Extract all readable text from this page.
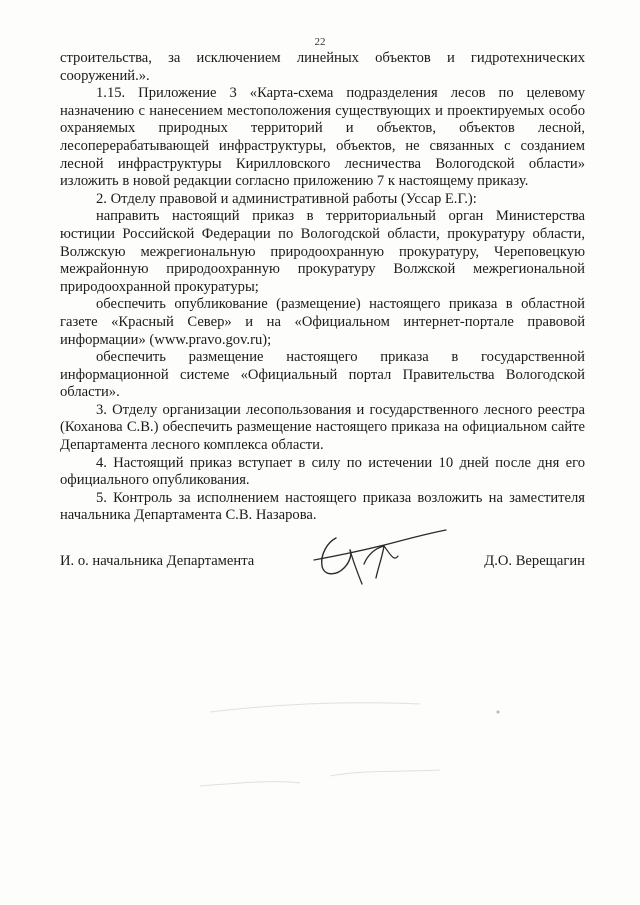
22

строительства, за исключением линейных объектов и гидротехнических сооружений.».

1.15. Приложение 3 «Карта-схема подразделения лесов по целевому назначению с нанесением местоположения существующих и проектируемых особо охраняемых природных территорий и объектов, объектов лесной, лесоперерабатывающей инфраструктуры, объектов, не связанных с созданием лесной инфраструктуры Кирилловского лесничества Вологодской области» изложить в новой редакции согласно приложению 7 к настоящему приказу.

2. Отделу правовой и административной работы (Уссар Е.Г.):

направить настоящий приказ в территориальный орган Министерства юстиции Российской Федерации по Вологодской области, прокуратуру области, Волжскую межрегиональную природоохранную прокуратуру, Череповецкую межрайонную природоохранную прокуратуру Волжской межрегиональной природоохранной прокуратуры;

обеспечить опубликование (размещение) настоящего приказа в областной газете «Красный Север» и на «Официальном интернет-портале правовой информации» (www.pravo.gov.ru);

обеспечить размещение настоящего приказа в государственной информационной системе «Официальный портал Правительства Вологодской области».

3. Отделу организации лесопользования и государственного лесного реестра (Коханова С.В.) обеспечить размещение настоящего приказа на официальном сайте Департамента лесного комплекса области.

4. Настоящий приказ вступает в силу по истечении 10 дней после дня его официального опубликования.

5. Контроль за исполнением настоящего приказа возложить на заместителя начальника Департамента С.В. Назарова.

И. о. начальника Департамента	Д.О. Верещагин
